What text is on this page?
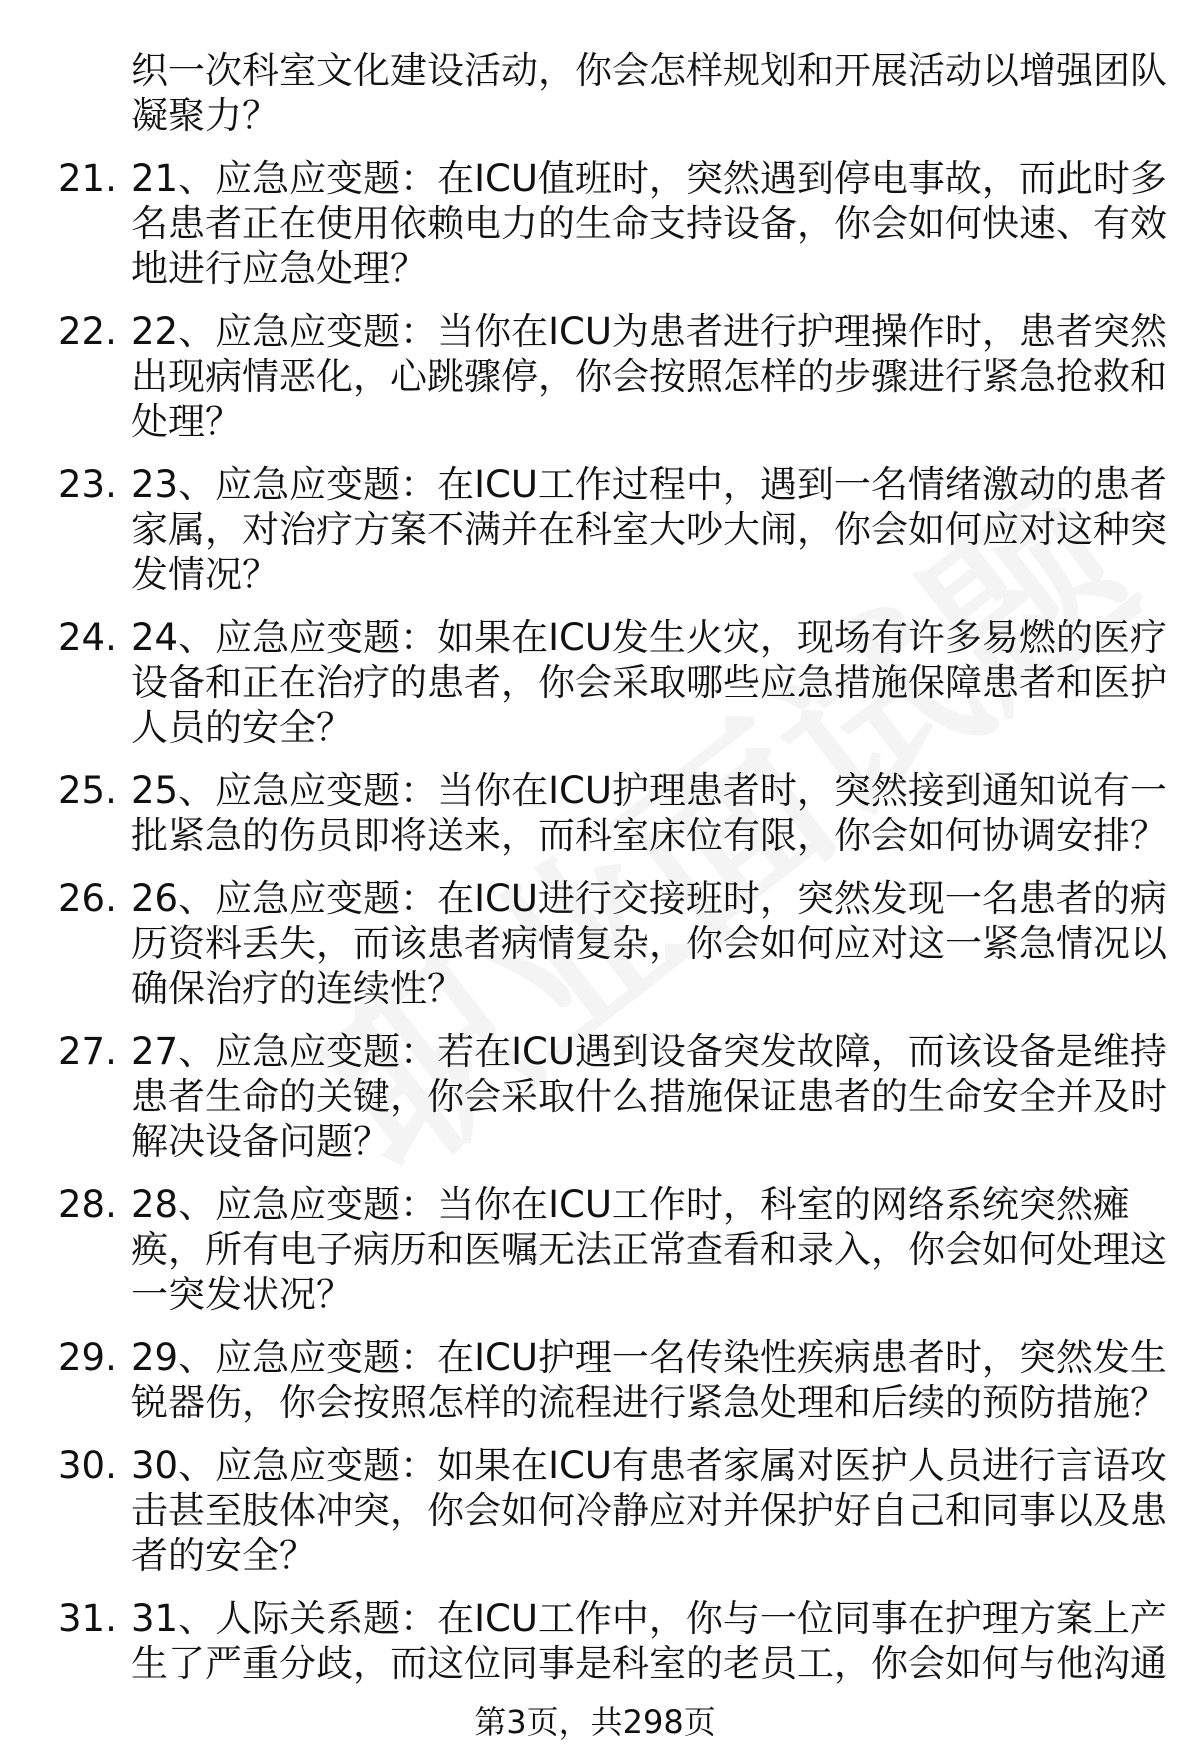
织一次科室文化建设活动，你会怎样规划和开展活动以增强团队
凝聚力？
21. 21、应急应变题：在ICU值班时，突然遇到停电事故，而此时多
名患者正在使用依赖电力的生命支持设备，你会如何快速、有效
地进行应急处理？
22. 22、应急应变题：当你在ICU为患者进行护理操作时，患者突然
出现病情恶化，心跳骤停，你会按照怎样的步骤进行紧急抢救和
处理？
23. 23、应急应变题：在ICU工作过程中，遇到一名情绪激动的患者
家属，对治疗方案不满并在科室大吵大闹，你会如何应对这种突
发情况？
24. 24、应急应变题：如果在ICU发生火灾，现场有许多易燃的医疗
设备和正在治疗的患者，你会采取哪些应急措施保障患者和医护
人员的安全？
25. 25、应急应变题：当你在ICU护理患者时，突然接到通知说有一
批紧急的伤员即将送来，而科室床位有限，你会如何协调安排？
26. 26、应急应变题：在ICU进行交接班时，突然发现一名患者的病
历资料丢失，而该患者病情复杂，你会如何应对这一紧急情况以
确保治疗的连续性？
27. 27、应急应变题：若在ICU遇到设备突发故障，而该设备是维持
患者生命的关键，你会采取什么措施保证患者的生命安全并及时
解决设备问题？
28. 28、应急应变题：当你在ICU工作时，科室的网络系统突然瘫
痪，所有电子病历和医嘱无法正常查看和录入，你会如何处理这
一突发状况？
29. 29、应急应变题：在ICU护理一名传染性疾病患者时，突然发生
锐器伤，你会按照怎样的流程进行紧急处理和后续的预防措施？
30. 30、应急应变题：如果在ICU有患者家属对医护人员进行言语攻
击甚至肢体冲突，你会如何冷静应对并保护好自己和同事以及患
者的安全？
31. 31、人际关系题：在ICU工作中，你与一位同事在护理方案上产
生了严重分歧，而这位同事是科室的老员工，你会如何与他沟通
第3页，共298页
